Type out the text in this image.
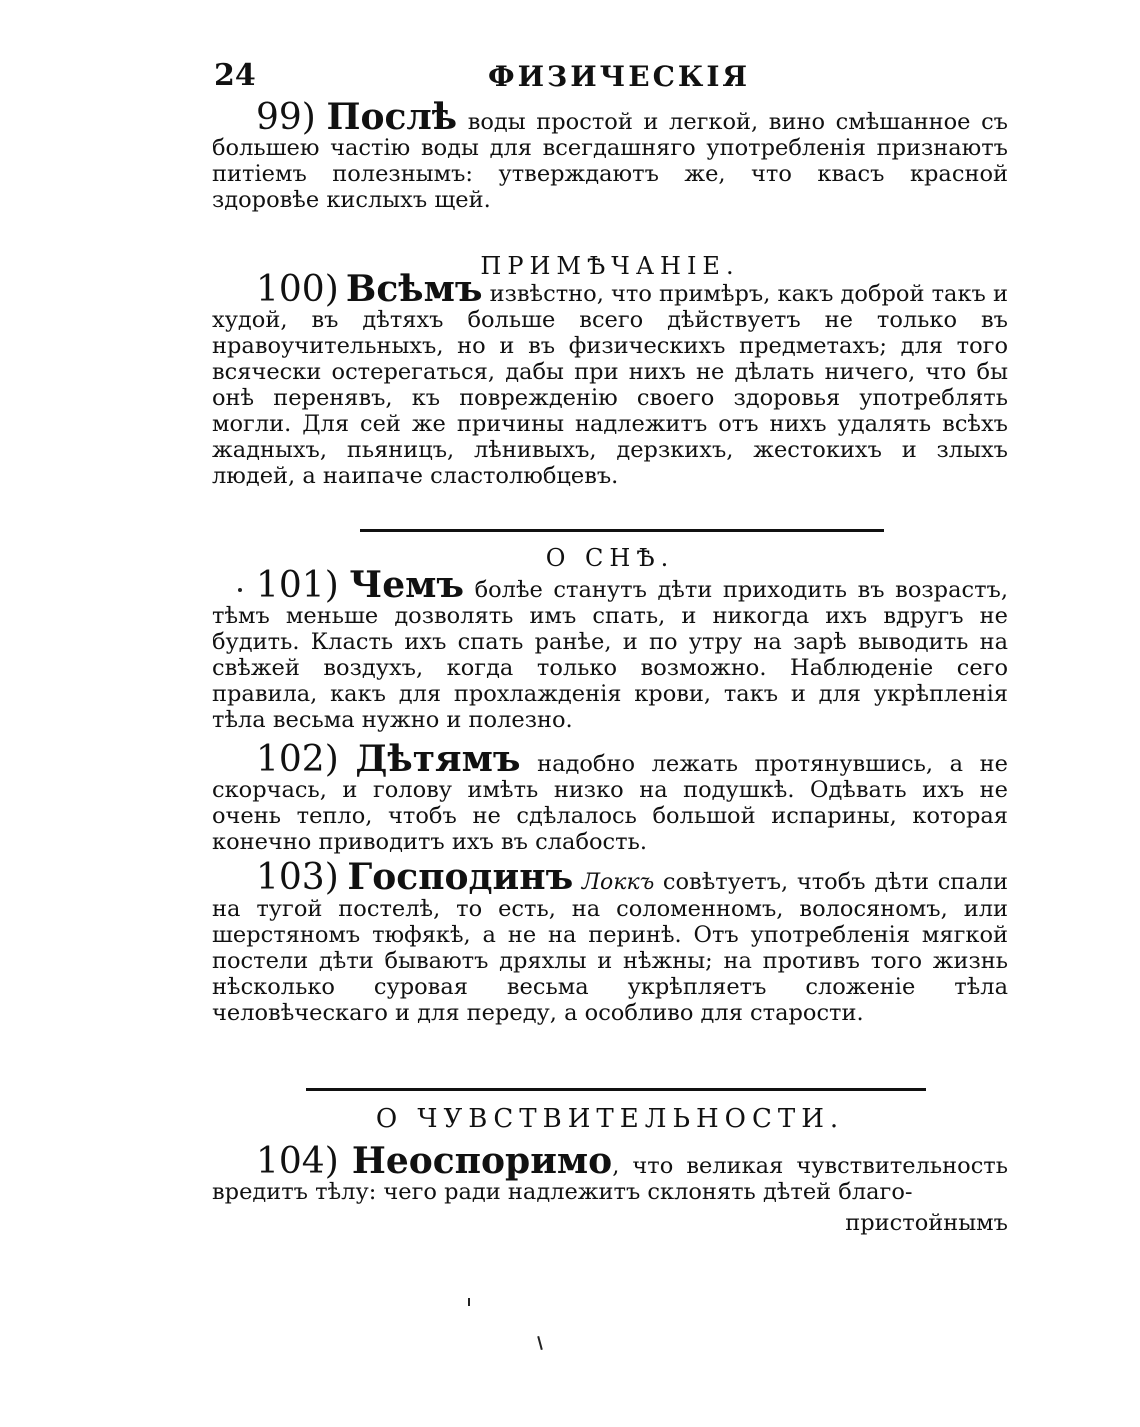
24	ФИЗИЧЕСКІЯ

99) Послѣ воды простой и легкой, вино смѣшанное съ большею частію воды для всегдашняго употребленія признаютъ питіемъ полезнымъ: утверждаютъ же, что квасъ красной здоровѣе кислыхъ щей.

ПРИМѢЧАНІЕ.

100) Всѣмъ извѣстно, что примѣръ, какъ доброй такъ и худой, въ дѣтяхъ больше всего дѣйствуетъ не только въ нравоучительныхъ, но и въ физическихъ предметахъ; для того всячески остерегаться, дабы при нихъ не дѣлать ничего, что бы онѣ перенявъ, къ поврежденію своего здоровья употреблять могли. Для сей же причины надлежитъ отъ нихъ удалять всѣхъ жадныхъ, пьяницъ, лѣнивыхъ, дерзкихъ, жестокихъ и злыхъ людей, а наипаче сластолюбцевъ.

О СНѢ.

101) Чемъ болѣе станутъ дѣти приходить въ возрастъ, тѣмъ меньше дозволять имъ спать, и никогда ихъ вдругъ не будить. Класть ихъ спать ранѣе, и по утру на зарѣ выводить на свѣжей воздухъ, когда только возможно. Наблюденіе сего правила, какъ для прохлажденія крови, такъ и для укрѣпленія тѣла весьма нужно и полезно.

102) Дѣтямъ надобно лежать протянувшись, а не скорчась, и голову имѣть низко на подушкѣ. Одѣвать ихъ не очень тепло, чтобъ не сдѣлалось большой испарины, которая конечно приводитъ ихъ въ слабость.

103) Господинъ Локкъ совѣтуетъ, чтобъ дѣти спали на тугой постелѣ, то есть, на соломенномъ, волосяномъ, или шерстяномъ тюфякѣ, а не на перинѣ. Отъ употребленія мягкой постели дѣти бываютъ дряхлы и нѣжны; на противъ того жизнь нѣсколько суровая весьма укрѣпляетъ сложеніе тѣла человѣческаго и для переду, а особливо для старости.

О ЧУВСТВИТЕЛЬНОСТИ.

104) Неоспоримо, что великая чувствительность вредитъ тѣлу: чего ради надлежитъ склонять дѣтей благо-

пристойнымъ
